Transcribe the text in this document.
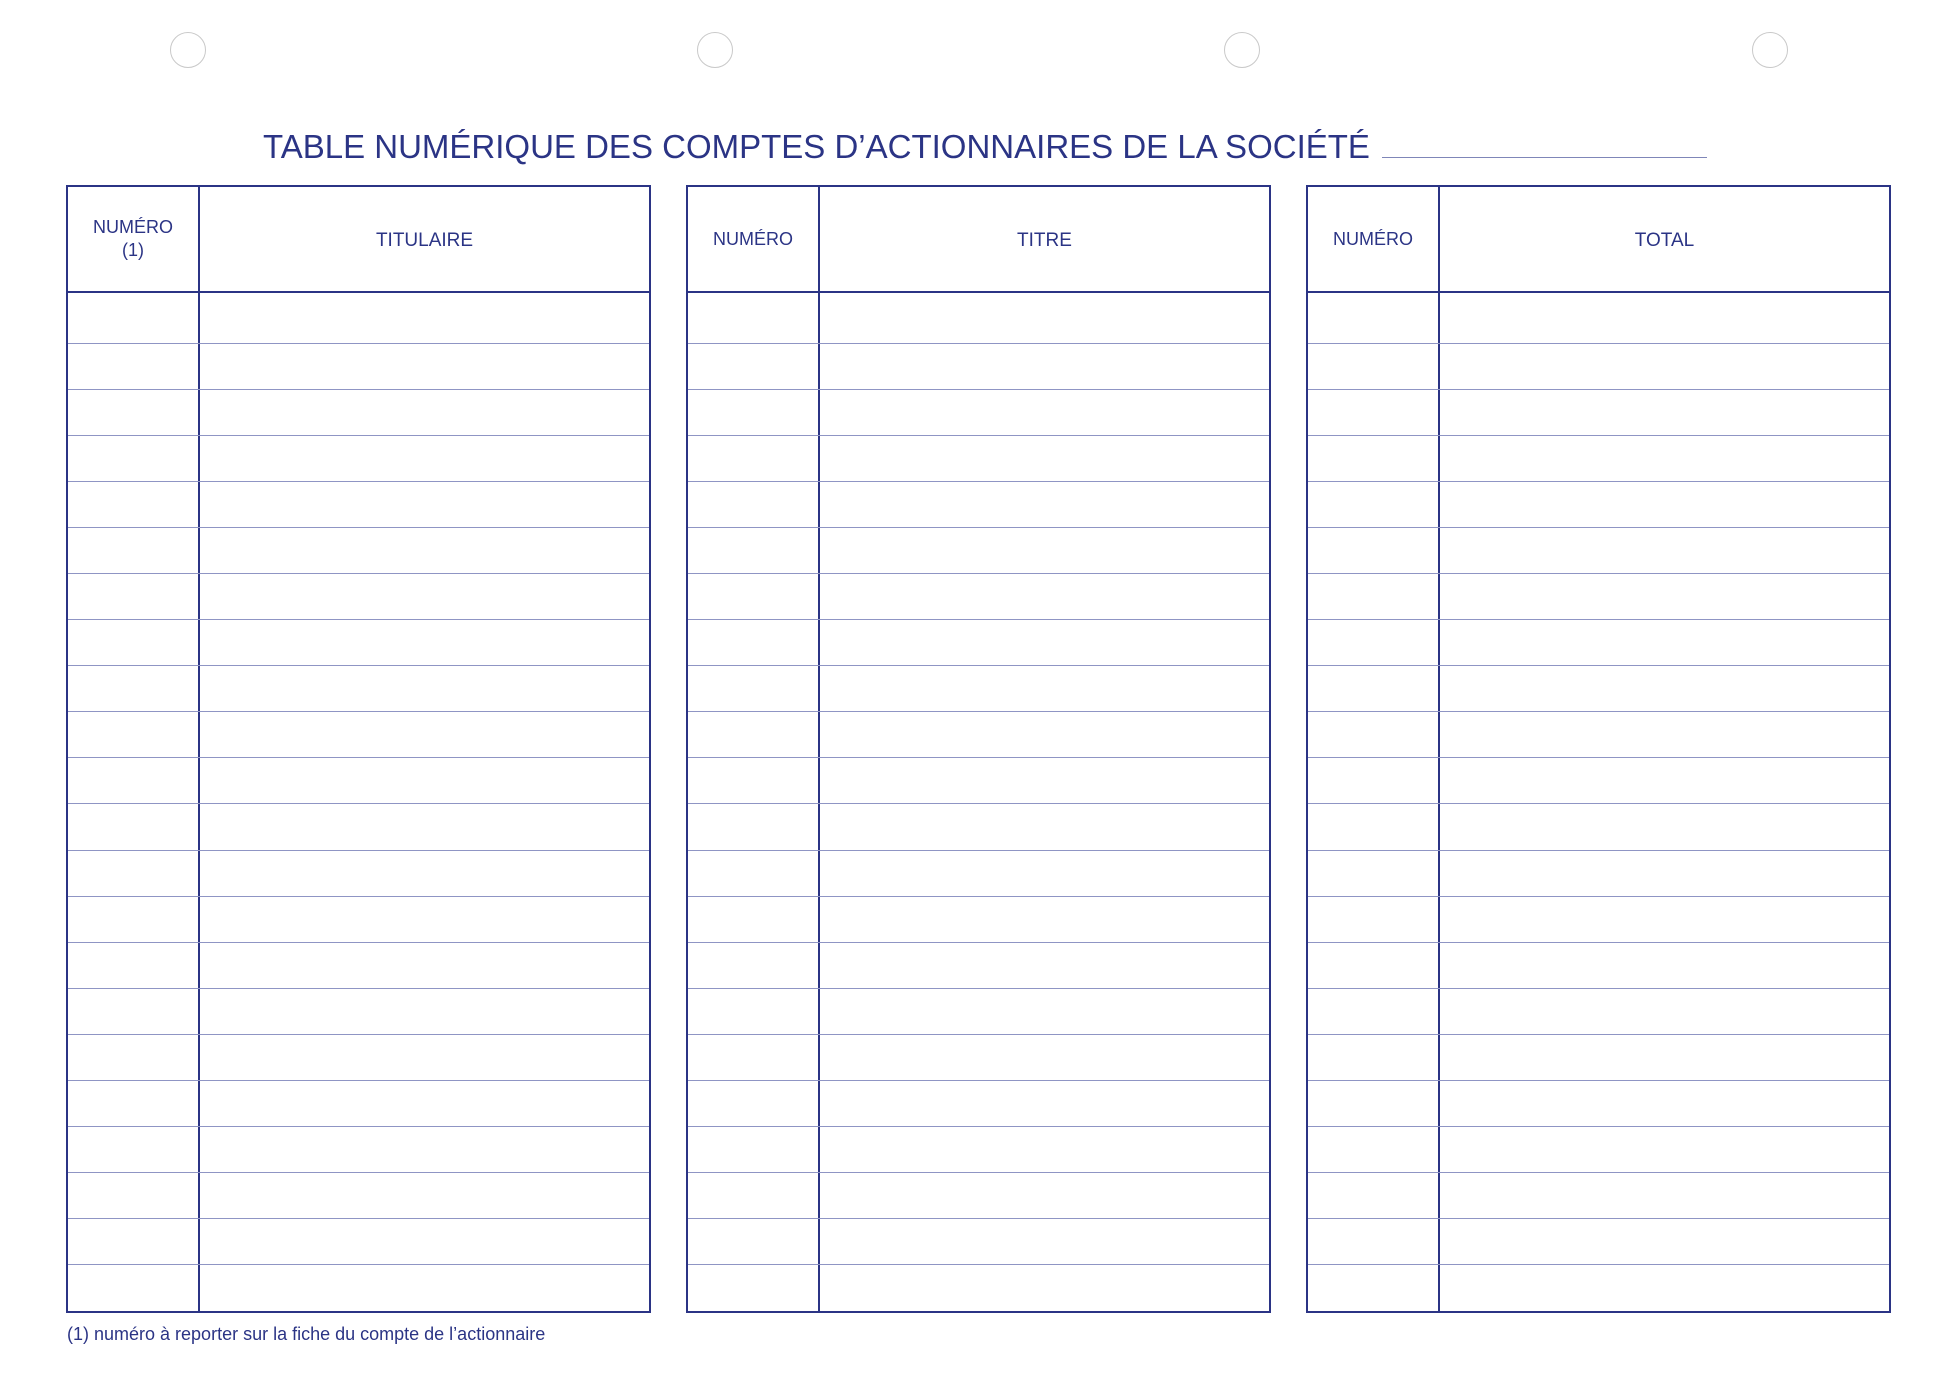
TABLE NUMÉRIQUE DES COMPTES D’ACTIONNAIRES DE LA SOCIÉTÉ
NUMÉRO
(1)	TITULAIRE	NUMÉRO	TITRE	NUMÉRO	TOTAL
(1) numéro à reporter sur la fiche du compte de l’actionnaire
